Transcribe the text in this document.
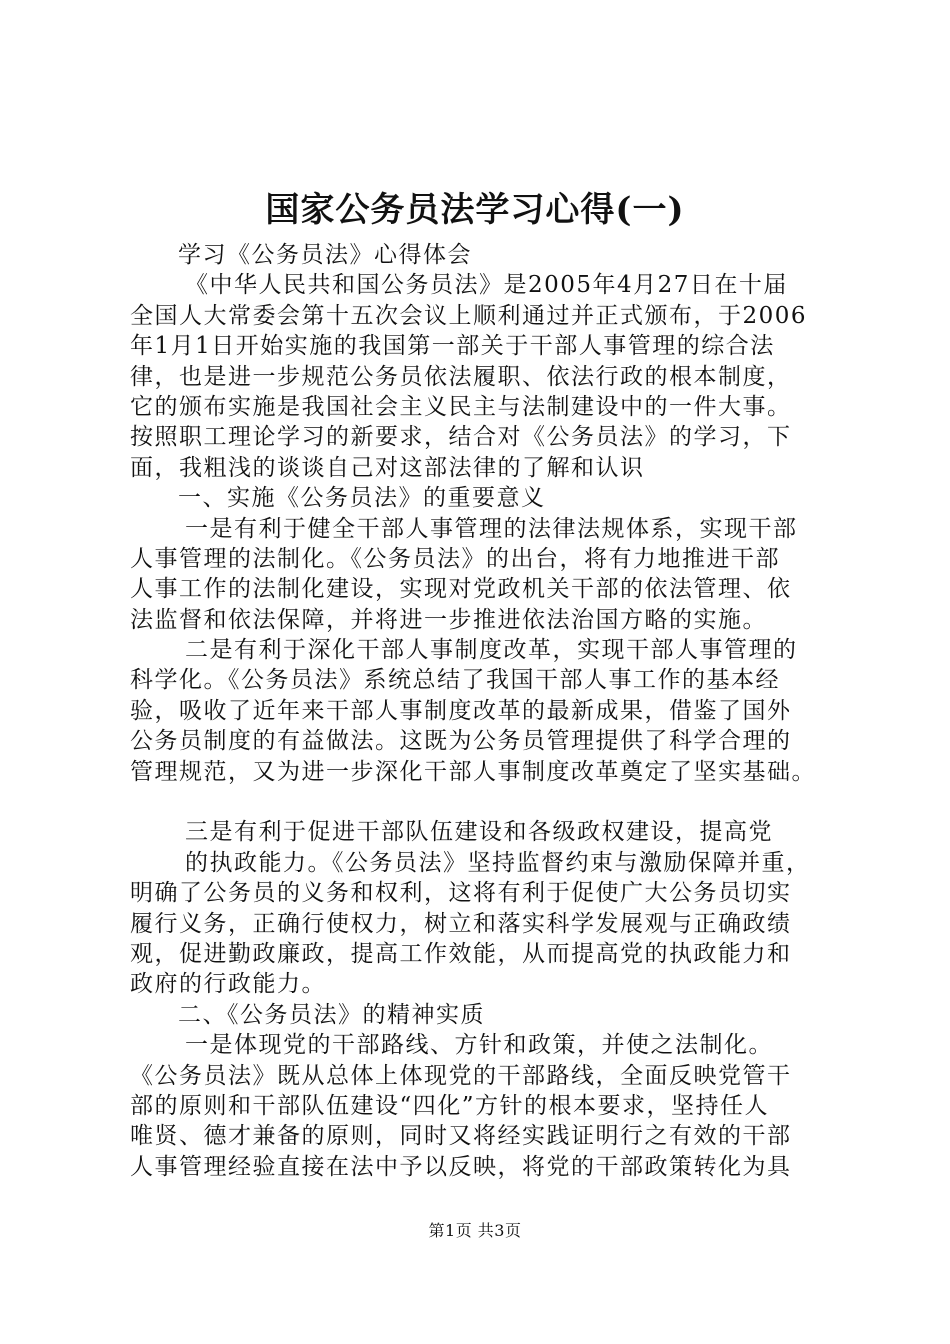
国家公务员法学习心得(一)
学习《公务员法》心得体会
《中华人民共和国公务员法》是2005年4月27日在十届
全国人大常委会第十五次会议上顺利通过并正式颁布，于2006
年1月1日开始实施的我国第一部关于干部人事管理的综合法
律，也是进一步规范公务员依法履职、依法行政的根本制度，
它的颁布实施是我国社会主义民主与法制建设中的一件大事。
按照职工理论学习的新要求，结合对《公务员法》的学习，下
面，我粗浅的谈谈自己对这部法律的了解和认识
一、实施《公务员法》的重要意义
一是有利于健全干部人事管理的法律法规体系，实现干部
人事管理的法制化。《公务员法》的出台，将有力地推进干部
人事工作的法制化建设，实现对党政机关干部的依法管理、依
法监督和依法保障，并将进一步推进依法治国方略的实施。
二是有利于深化干部人事制度改革，实现干部人事管理的
科学化。《公务员法》系统总结了我国干部人事工作的基本经
验，吸收了近年来干部人事制度改革的最新成果，借鉴了国外
公务员制度的有益做法。这既为公务员管理提供了科学合理的
管理规范，又为进一步深化干部人事制度改革奠定了坚实基础。
三是有利于促进干部队伍建设和各级政权建设，提高党
的执政能力。《公务员法》坚持监督约束与激励保障并重，
明确了公务员的义务和权利，这将有利于促使广大公务员切实
履行义务，正确行使权力，树立和落实科学发展观与正确政绩
观，促进勤政廉政，提高工作效能，从而提高党的执政能力和
政府的行政能力。
二、《公务员法》的精神实质
一是体现党的干部路线、方针和政策，并使之法制化。
《公务员法》既从总体上体现党的干部路线，全面反映党管干
部的原则和干部队伍建设“四化”方针的根本要求，坚持任人
唯贤、德才兼备的原则，同时又将经实践证明行之有效的干部
人事管理经验直接在法中予以反映，将党的干部政策转化为具
第1页 共3页
